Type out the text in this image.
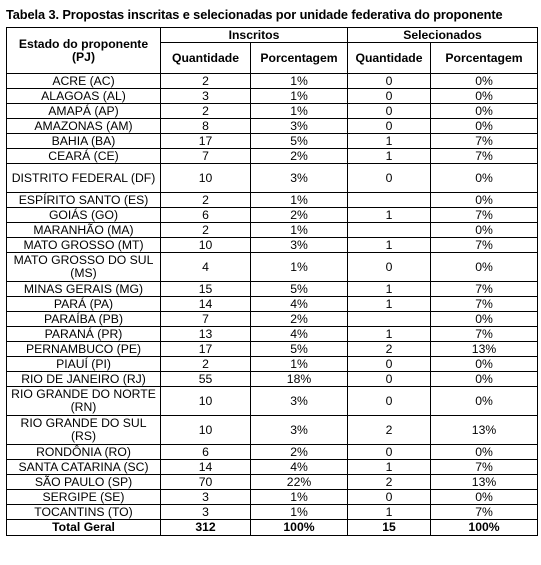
Tabela 3. Propostas inscritas e selecionadas por unidade federativa do proponente
Estado do proponente (PJ)	Inscritos		Selecionados	
	Quantidade	Porcentagem	Quantidade	Porcentagem
ACRE (AC)	2	1%	0	0%
ALAGOAS (AL)	3	1%	0	0%
AMAPÁ (AP)	2	1%	0	0%
AMAZONAS (AM)	8	3%	0	0%
BAHIA (BA)	17	5%	1	7%
CEARÁ (CE)	7	2%	1	7%
DISTRITO FEDERAL (DF)	10	3%	0	0%
ESPÍRITO SANTO (ES)	2	1%		0%
GOIÁS (GO)	6	2%	1	7%
MARANHÃO (MA)	2	1%		0%
MATO GROSSO (MT)	10	3%	1	7%
MATO GROSSO DO SUL (MS)	4	1%	0	0%
MINAS GERAIS (MG)	15	5%	1	7%
PARÁ (PA)	14	4%	1	7%
PARAÍBA (PB)	7	2%		0%
PARANÁ (PR)	13	4%	1	7%
PERNAMBUCO (PE)	17	5%	2	13%
PIAUÍ (PI)	2	1%	0	0%
RIO DE JANEIRO (RJ)	55	18%	0	0%
RIO GRANDE DO NORTE (RN)	10	3%	0	0%
RIO GRANDE DO SUL (RS)	10	3%	2	13%
RONDÔNIA (RO)	6	2%	0	0%
SANTA CATARINA (SC)	14	4%	1	7%
SÃO PAULO (SP)	70	22%	2	13%
SERGIPE (SE)	3	1%	0	0%
TOCANTINS (TO)	3	1%	1	7%
Total Geral	312	100%	15	100%
